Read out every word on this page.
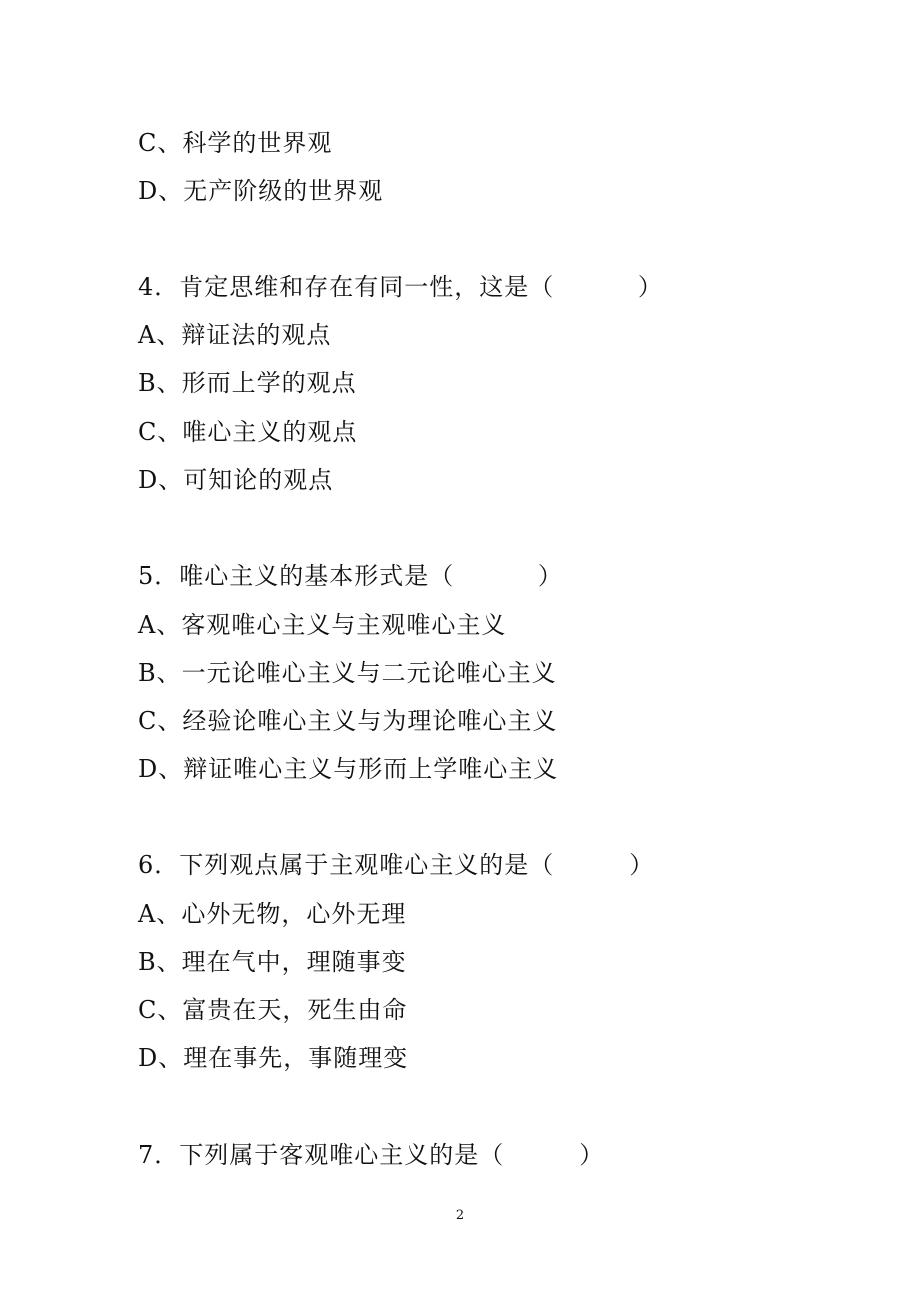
C、科学的世界观
D、无产阶级的世界观
4．肯定思维和存在有同一性，这是（　　　 ）
A、辩证法的观点
B、形而上学的观点
C、唯心主义的观点
D、可知论的观点
5．唯心主义的基本形式是（　　　 ）
A、客观唯心主义与主观唯心主义
B、一元论唯心主义与二元论唯心主义
C、经验论唯心主义与为理论唯心主义
D、辩证唯心主义与形而上学唯心主义
6．下列观点属于主观唯心主义的是（　　　）
A、心外无物，心外无理
B、理在气中，理随事变
C、富贵在天，死生由命
D、理在事先，事随理变
7．下列属于客观唯心主义的是（　　　）
2
